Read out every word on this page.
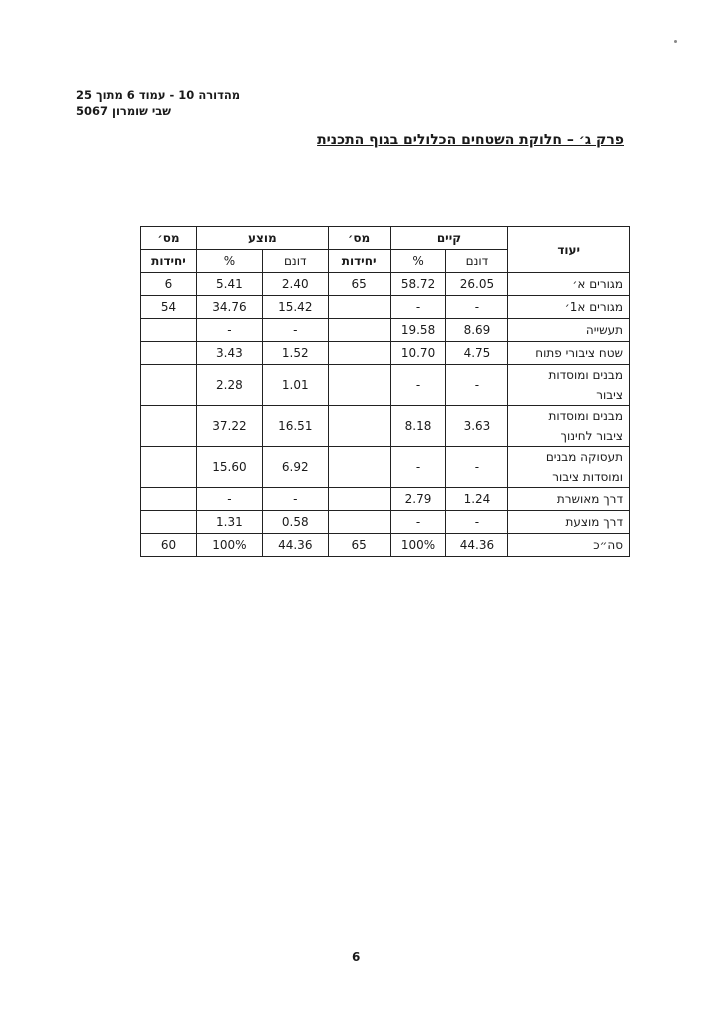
מהדורה 10 - עמוד 6 מתוך 25
שבי שומרון 5067
פרק ג׳ – חלוקת השטחים הכלולים בגוף התכנית
יעוד	קיים		מס׳	מוצע		מס׳
	דונם	%	יחידות	דונם	%	יחידות
מגורים א׳	26.05	58.72	65	2.40	5.41	6
מגורים א1׳	-	-		15.42	34.76	54
תעשייה	8.69	19.58		-	-	
שטח ציבורי פתוח	4.75	10.70		1.52	3.43	
מבנים ומוסדות
ציבור	-	-		1.01	2.28	
מבנים ומוסדות
ציבור לחינוך	3.63	8.18		16.51	37.22	
תעסוקה מבנים
ומוסדות ציבור	-	-		6.92	15.60	
דרך מאושרת	1.24	2.79		-	-	
דרך מוצעת	-	-		0.58	1.31	
סה״כ	44.36	100%	65	44.36	100%	60
6
